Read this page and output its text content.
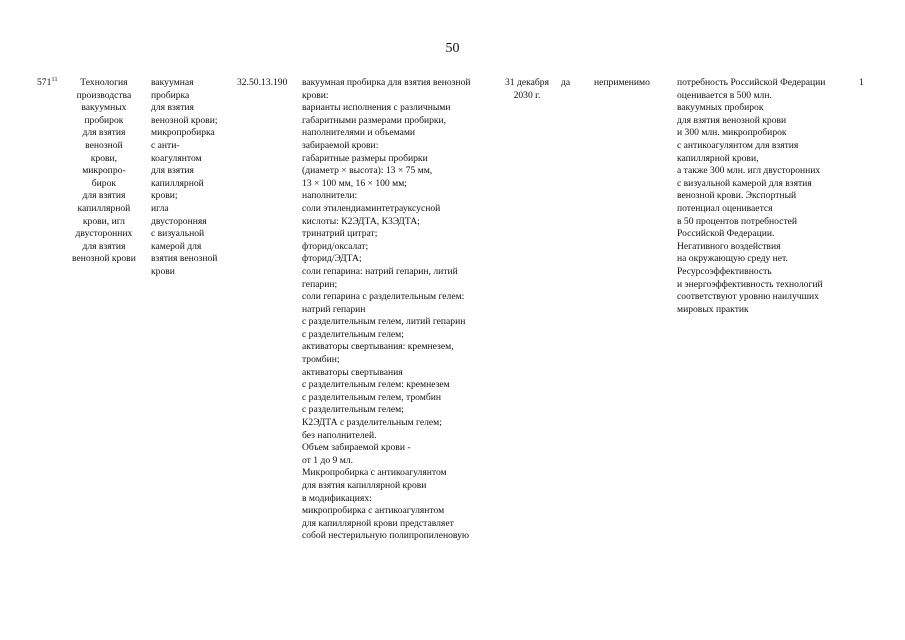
50
$571^{11}$	Технология
производства
вакуумных
пробирок
для взятия
венозной
крови,
микропро-
бирок
для взятия
капиллярной
крови, игл
двусторонних
для взятия
венозной крови
вакуумная
пробирка
для взятия
венозной крови;
микропробирка
с анти-
коагулянтом
для взятия
капиллярной
крови;
игла
двусторонняя
с визуальной
камерой для
взятия венозной
крови
32.50.13.190 вакуумная пробирка для взятия венозной
крови:
варианты исполнения с различными
габаритными размерами пробирки,
наполнителями и объемами
забираемой крови:
габаритные размеры пробирки
(диаметр × высота): 13 × 75 мм,
13 × 100 мм, 16 × 100 мм;
наполнители:
соли этилендиаминтетрауксусной
кислоты: К2ЭДТА, К3ЭДТА;
тринатрий цитрат;
фторид/оксалат;
фторид/ЭДТА;
соли гепарина: натрий гепарин, литий
гепарин;
соли гепарина с разделительным гелем:
натрий гепарин
с разделительным гелем, литий гепарин
с разделительным гелем;
активаторы свертывания: кремнезем,
тромбин;
активаторы свертывания
с разделительным гелем: кремнезем
с разделительным гелем, тромбин
с разделительным гелем;
К2ЭДТА с разделительным гелем;
без наполнителей.
Объем забираемой крови -
от 1 до 9 мл.
Микропробирка с антикоагулянтом
для взятия капиллярной крови
в модификациях:
микропробирка с антикоагулянтом
для капиллярной крови представляет
собой нестерильную полипропиленовую
31 декабря
2030 г.
да неприменимо	потребность Российской Федерации
оценивается в 500 млн.
вакуумных пробирок
для взятия венозной крови
и 300 млн. микропробирок
с антикоагулянтом для взятия
капиллярной крови,
а также 300 млн. игл двусторонних
с визуальной камерой для взятия
венозной крови. Экспортный
потенциал оценивается
в 50 процентов потребностей
Российской Федерации.
Негативного воздействия
на окружающую среду нет.
Ресурсоэффективность
и энергоэффективность технологий
соответствуют уровню наилучших
мировых практик
1
